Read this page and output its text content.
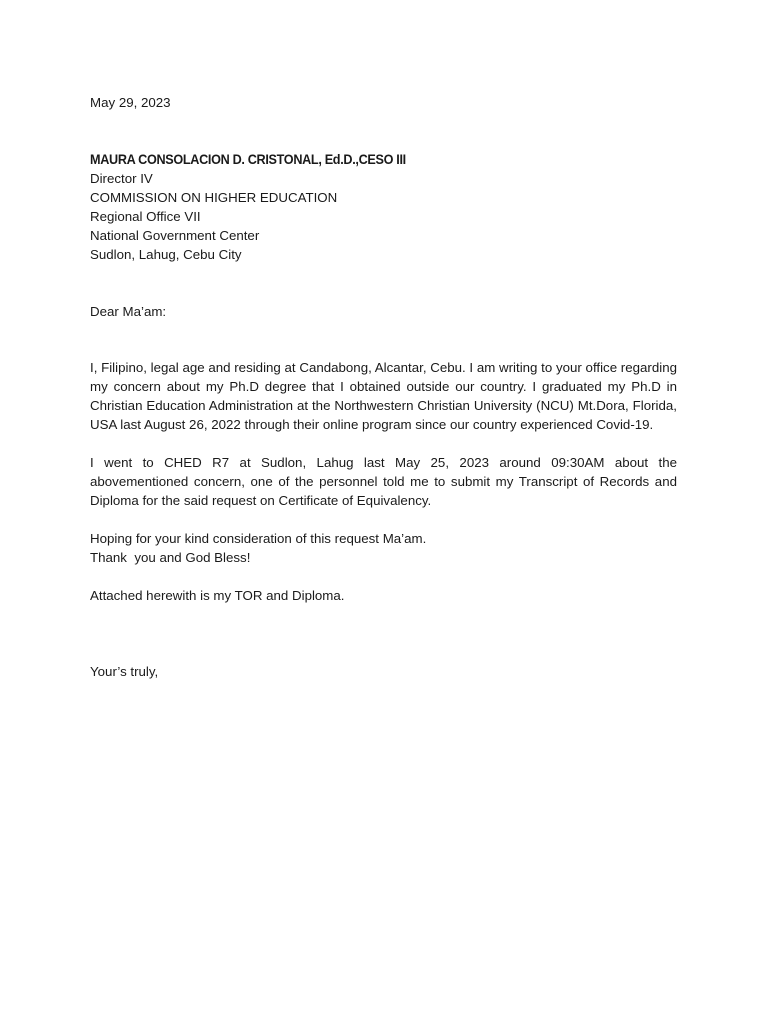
May 29, 2023

MAURA CONSOLACION D. CRISTONAL, Ed.D.,CESO III
Director IV
COMMISSION ON HIGHER EDUCATION
Regional Office VII
National Government Center
Sudlon, Lahug, Cebu City

Dear Ma’am:

I, Filipino, legal age and residing at Candabong, Alcantar, Cebu. I am writing to your office regarding my concern about my Ph.D degree that I obtained outside our country. I graduated my Ph.D in Christian Education Administration at the Northwestern Christian University (NCU) Mt.Dora, Florida, USA last August 26, 2022 through their online program since our country experienced Covid-19.

I went to CHED R7 at Sudlon, Lahug last May 25, 2023 around 09:30AM about the abovementioned concern, one of the personnel told me to submit my Transcript of Records and Diploma for the said request on Certificate of Equivalency.

Hoping for your kind consideration of this request Ma’am.
Thank  you and God Bless!

Attached herewith is my TOR and Diploma.

Your’s truly,
